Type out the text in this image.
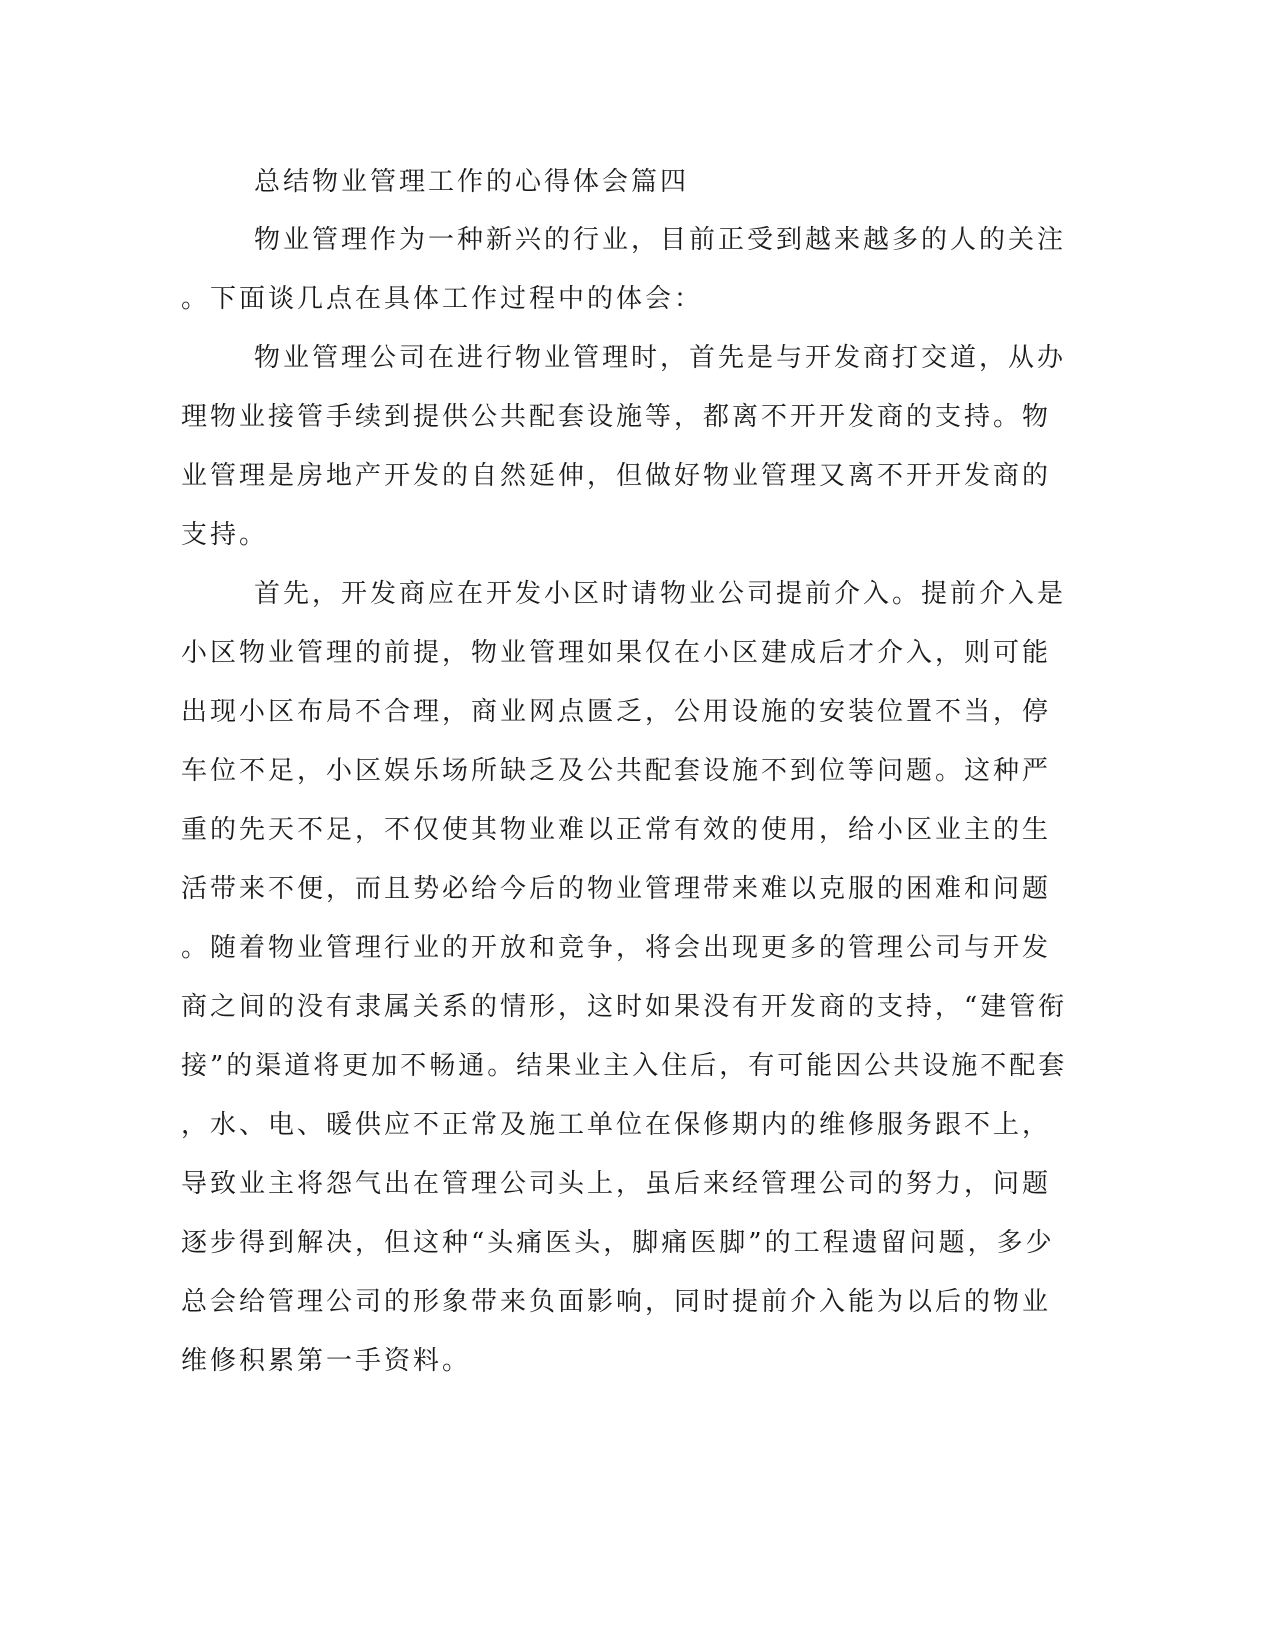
总结物业管理工作的心得体会篇四
物业管理作为一种新兴的行业，目前正受到越来越多的人的关注
。下面谈几点在具体工作过程中的体会：
物业管理公司在进行物业管理时，首先是与开发商打交道，从办
理物业接管手续到提供公共配套设施等，都离不开开发商的支持。物
业管理是房地产开发的自然延伸，但做好物业管理又离不开开发商的
支持。
首先，开发商应在开发小区时请物业公司提前介入。提前介入是
小区物业管理的前提，物业管理如果仅在小区建成后才介入，则可能
出现小区布局不合理，商业网点匮乏，公用设施的安装位置不当，停
车位不足，小区娱乐场所缺乏及公共配套设施不到位等问题。这种严
重的先天不足，不仅使其物业难以正常有效的使用，给小区业主的生
活带来不便，而且势必给今后的物业管理带来难以克服的困难和问题
。随着物业管理行业的开放和竞争，将会出现更多的管理公司与开发
商之间的没有隶属关系的情形，这时如果没有开发商的支持，“建管衔
接”的渠道将更加不畅通。结果业主入住后，有可能因公共设施不配套
，水、电、暖供应不正常及施工单位在保修期内的维修服务跟不上，
导致业主将怨气出在管理公司头上，虽后来经管理公司的努力，问题
逐步得到解决，但这种“头痛医头，脚痛医脚”的工程遗留问题，多少
总会给管理公司的形象带来负面影响，同时提前介入能为以后的物业
维修积累第一手资料。
